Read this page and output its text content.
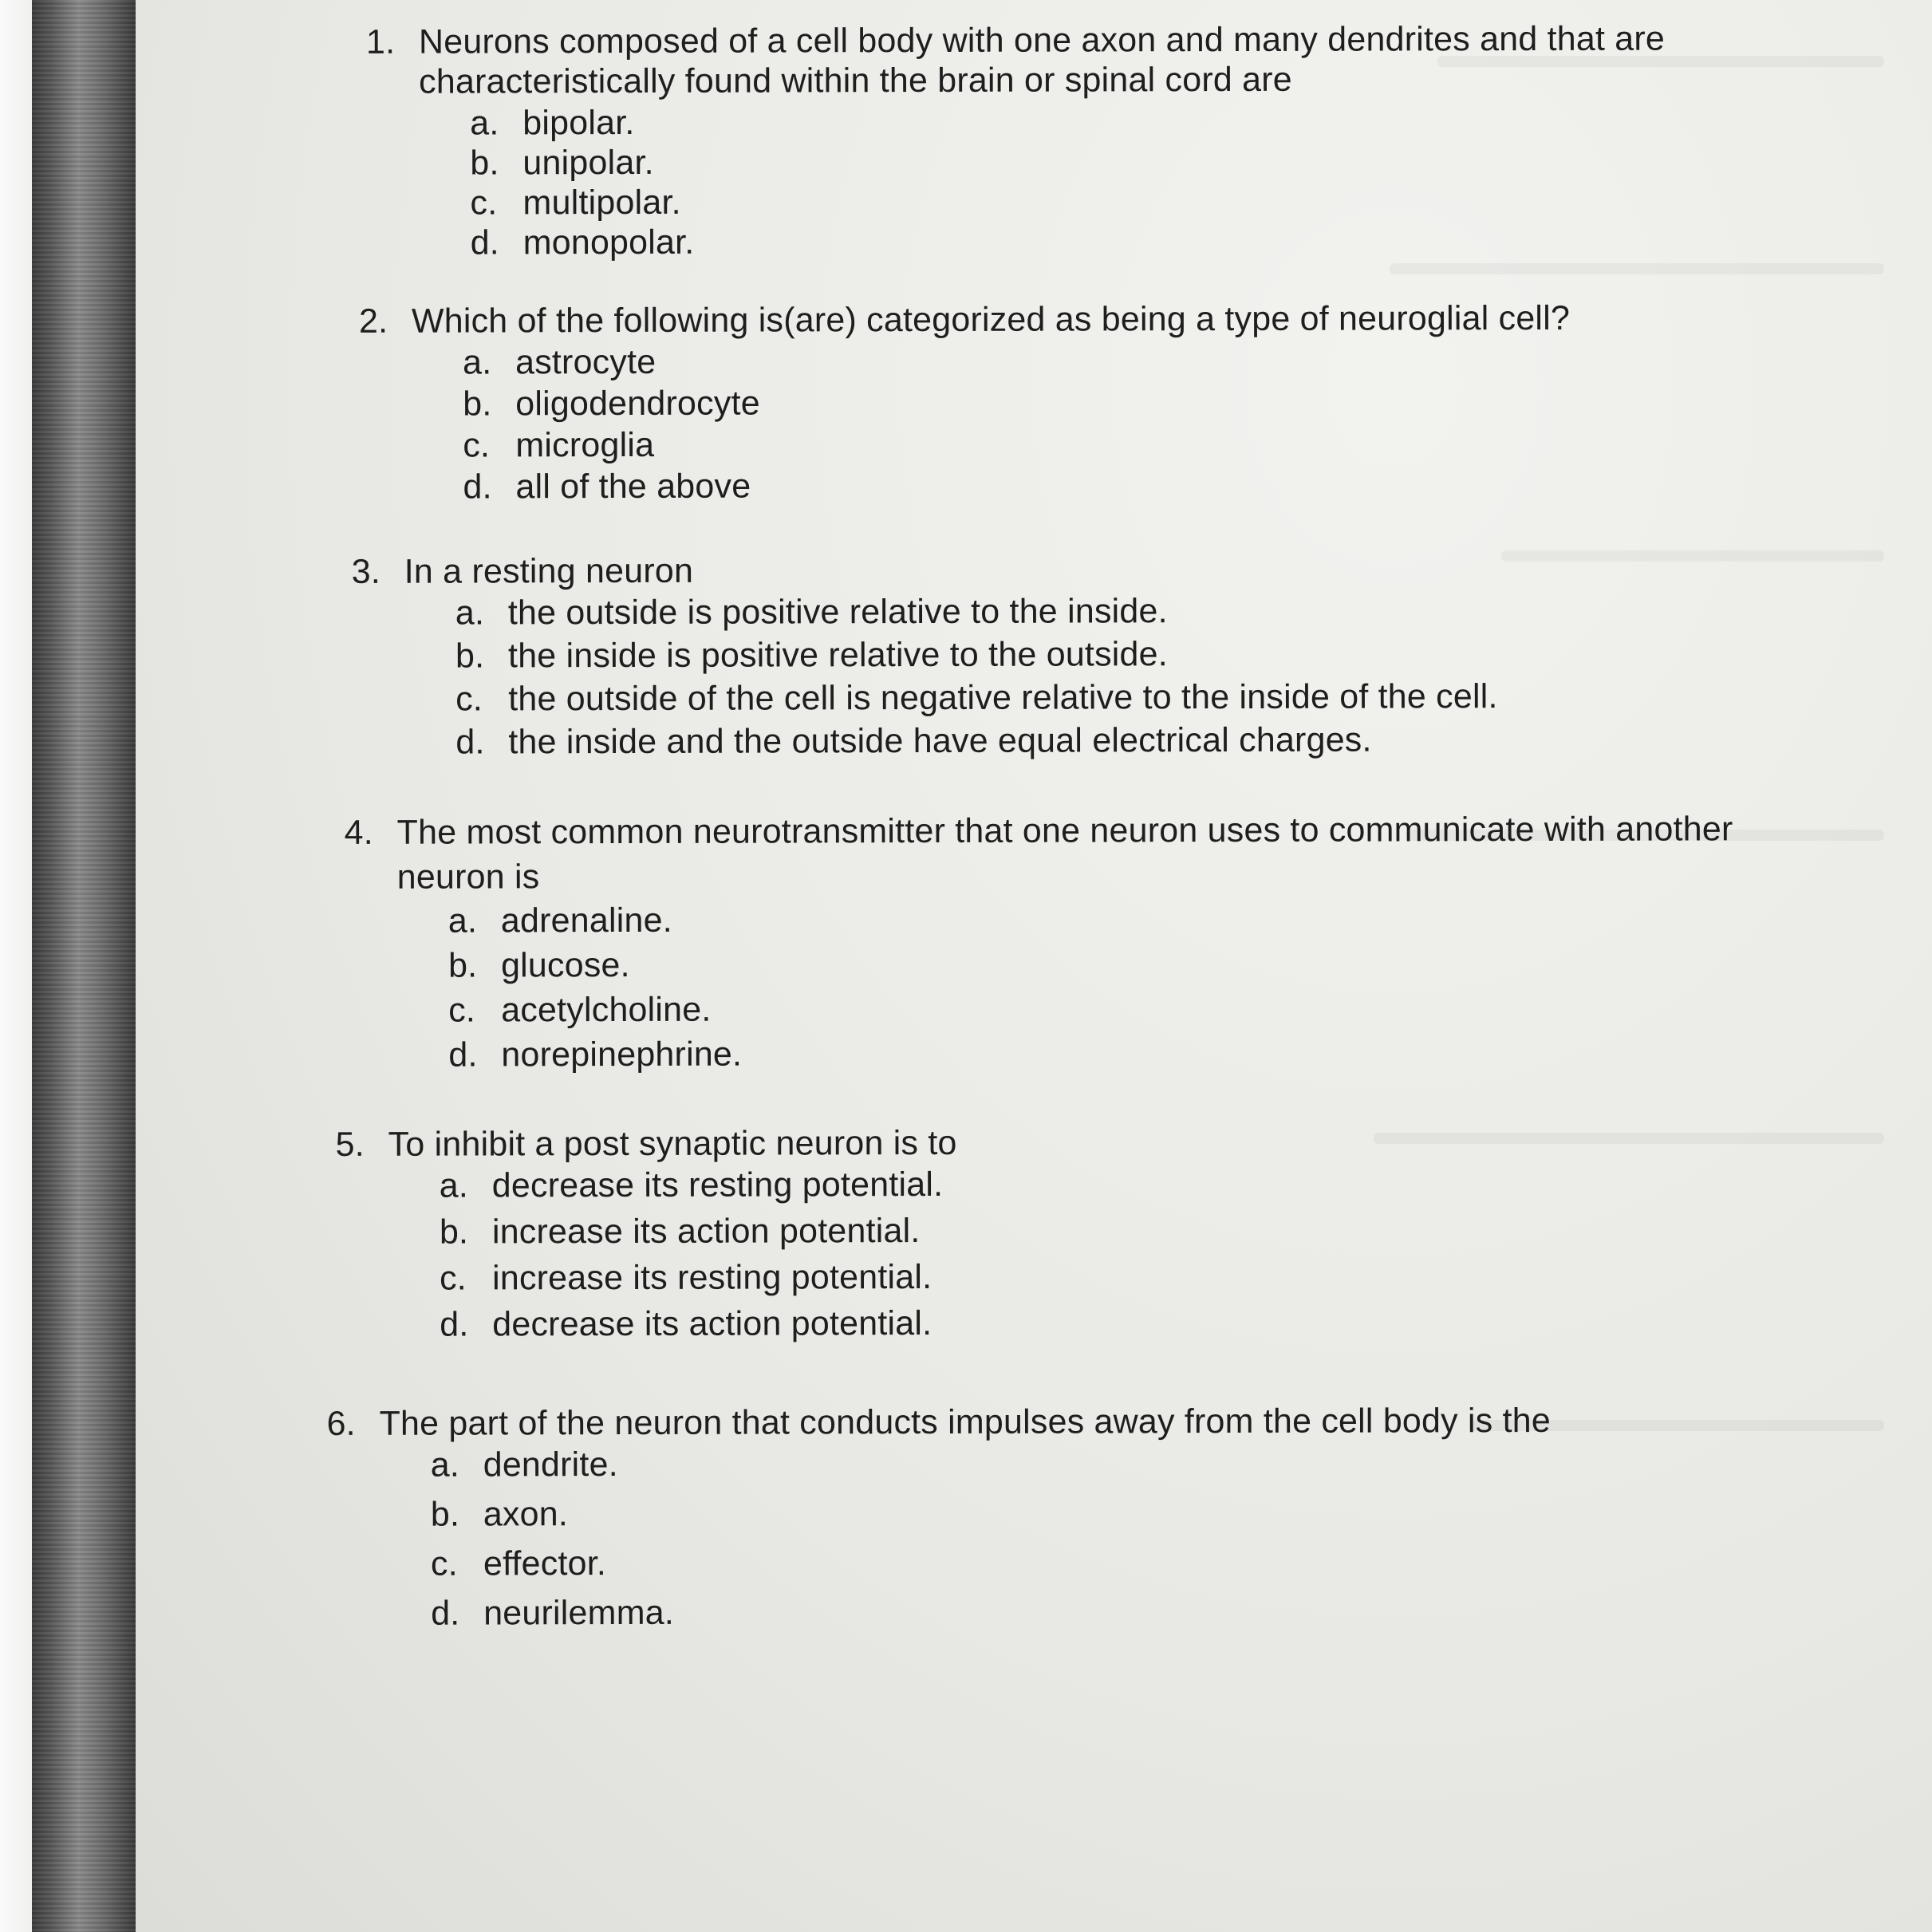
1. Neurons composed of a cell body with one axon and many dendrites and that are characteristically found within the brain or spinal cord are
a. bipolar.
b. unipolar.
c. multipolar.
d. monopolar.
2. Which of the following is(are) categorized as being a type of neuroglial cell?
a. astrocyte
b. oligodendrocyte
c. microglia
d. all of the above
3. In a resting neuron
a. the outside is positive relative to the inside.
b. the inside is positive relative to the outside.
c. the outside of the cell is negative relative to the inside of the cell.
d. the inside and the outside have equal electrical charges.
4. The most common neurotransmitter that one neuron uses to communicate with another neuron is
a. adrenaline.
b. glucose.
c. acetylcholine.
d. norepinephrine.
5. To inhibit a post synaptic neuron is to
a. decrease its resting potential.
b. increase its action potential.
c. increase its resting potential.
d. decrease its action potential.
6. The part of the neuron that conducts impulses away from the cell body is the
a. dendrite.
b. axon.
c. effector.
d. neurilemma.
